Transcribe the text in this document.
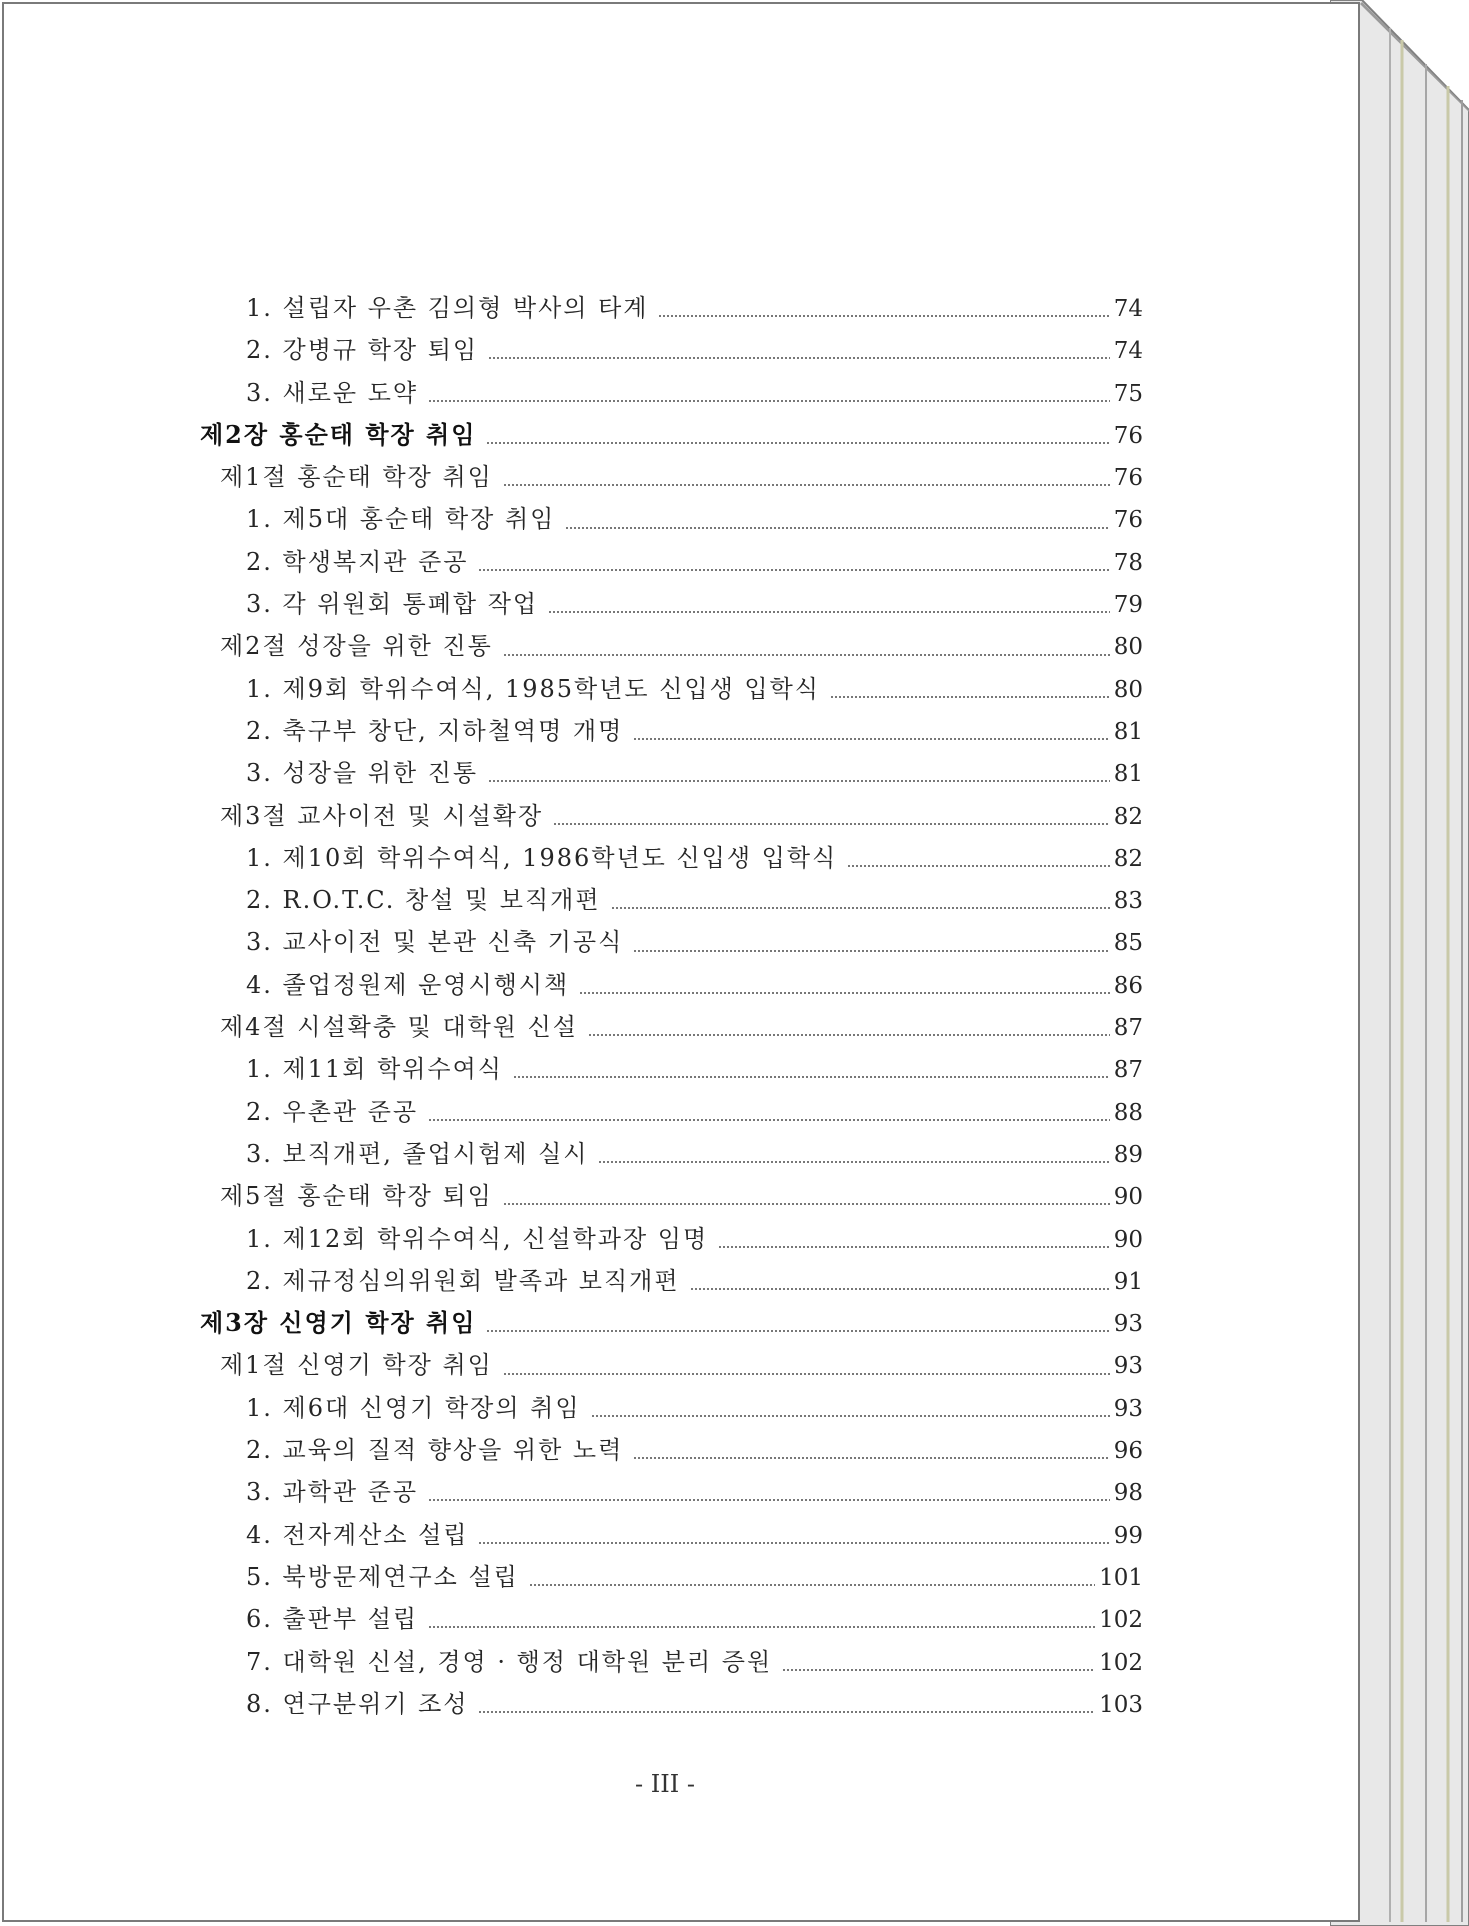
1. 설립자 우촌 김의형 박사의 타계	74
2. 강병규 학장 퇴임	74
3. 새로운 도약	75
제2장 홍순태 학장 취임	76
제1절 홍순태 학장 취임	76
1. 제5대 홍순태 학장 취임	76
2. 학생복지관 준공	78
3. 각 위원회 통폐합 작업	79
제2절 성장을 위한 진통	80
1. 제9회 학위수여식, 1985학년도 신입생 입학식	80
2. 축구부 창단, 지하철역명 개명	81
3. 성장을 위한 진통	81
제3절 교사이전 및 시설확장	82
1. 제10회 학위수여식, 1986학년도 신입생 입학식	82
2. R.O.T.C. 창설 및 보직개편	83
3. 교사이전 및 본관 신축 기공식	85
4. 졸업정원제 운영시행시책	86
제4절 시설확충 및 대학원 신설	87
1. 제11회 학위수여식	87
2. 우촌관 준공	88
3. 보직개편, 졸업시험제 실시	89
제5절 홍순태 학장 퇴임	90
1. 제12회 학위수여식, 신설학과장 임명	90
2. 제규정심의위원회 발족과 보직개편	91
제3장 신영기 학장 취임	93
제1절 신영기 학장 취임	93
1. 제6대 신영기 학장의 취임	93
2. 교육의 질적 향상을 위한 노력	96
3. 과학관 준공	98
4. 전자계산소 설립	99
5. 북방문제연구소 설립	101
6. 출판부 설립	102
7. 대학원 신설, 경영 · 행정 대학원 분리 증원	102
8. 연구분위기 조성	103
- III -
